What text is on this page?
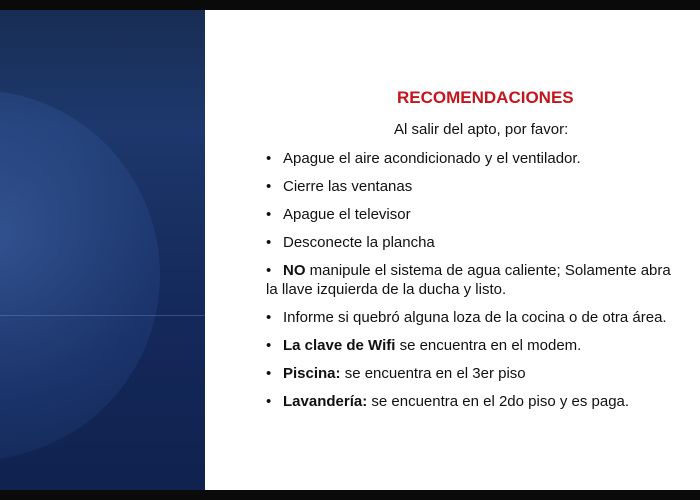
RECOMENDACIONES
Al salir del apto, por favor:
• Apague el aire acondicionado y el ventilador.
• Cierre las ventanas
• Apague el televisor
• Desconecte la plancha
• NO manipule el sistema de agua caliente; Solamente abra
la llave izquierda de la ducha y listo.
• Informe si quebró alguna loza de la cocina o de otra área.
• La clave de Wifi se encuentra en el modem.
• Piscina: se encuentra en el 3er piso
• Lavandería: se encuentra en el 2do piso y es paga.
